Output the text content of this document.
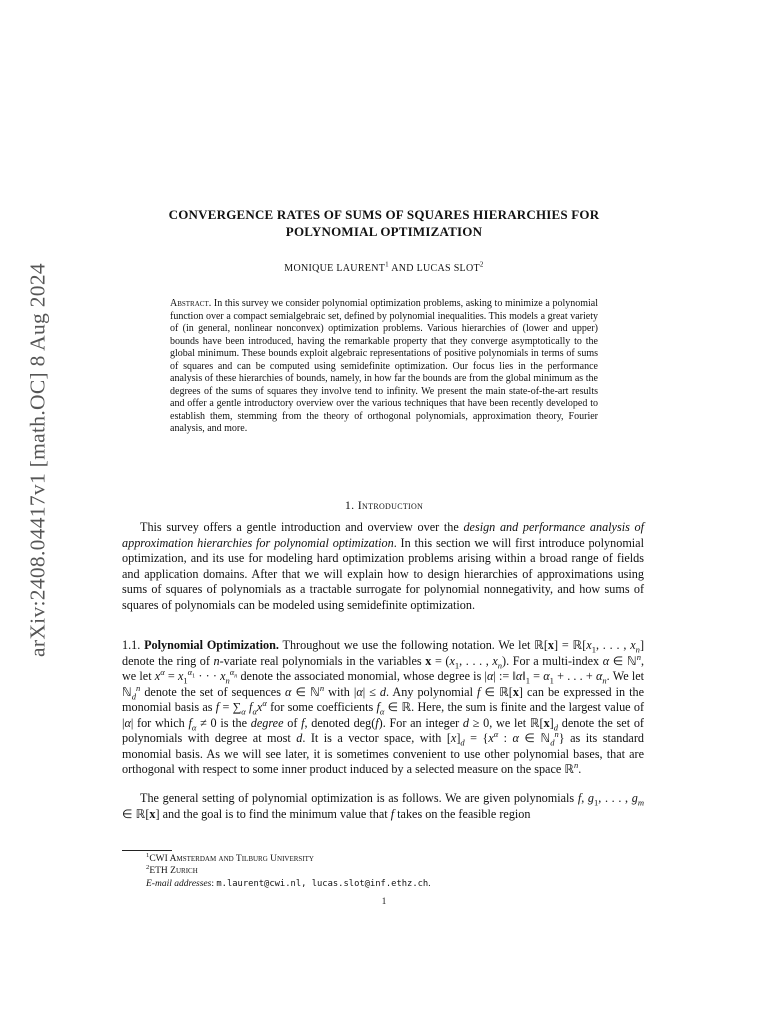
arXiv:2408.04417v1 [math.OC] 8 Aug 2024
CONVERGENCE RATES OF SUMS OF SQUARES HIERARCHIES FOR POLYNOMIAL OPTIMIZATION
MONIQUE LAURENT$^1$ AND LUCAS SLOT$^2$
Abstract. In this survey we consider polynomial optimization problems, asking to minimize a polynomial function over a compact semialgebraic set, defined by polynomial inequalities. This models a great variety of (in general, nonlinear nonconvex) optimization problems. Various hierarchies of (lower and upper) bounds have been introduced, having the remarkable property that they converge asymptotically to the global minimum. These bounds exploit algebraic representations of positive polynomials in terms of sums of squares and can be computed using semidefinite optimization. Our focus lies in the performance analysis of these hierarchies of bounds, namely, in how far the bounds are from the global minimum as the degrees of the sums of squares they involve tend to infinity. We present the main state-of-the-art results and offer a gentle introductory overview over the various techniques that have been recently developed to establish them, stemming from the theory of orthogonal polynomials, approximation theory, Fourier analysis, and more.
1. Introduction

This survey offers a gentle introduction and overview over the design and performance analysis of approximation hierarchies for polynomial optimization. In this section we will first introduce polynomial optimization, and its use for modeling hard optimization problems arising within a broad range of fields and application domains. After that we will explain how to design hierarchies of approximations using sums of squares of polynomials as a tractable surrogate for polynomial nonnegativity, and how sums of squares of polynomials can be modeled using semidefinite optimization.

1.1. Polynomial Optimization. Throughout we use the following notation. We let ℝ[x] = $ℝ[x_1$, . . . , $x_n$] denote the ring of n-variate real polynomials in the variables $x = (x_1$, . . . , $x_n$). For a multi-index α ∈ ℕ$^n$, we let $x^\alpha = x_1^{\alpha_1}$ · · · $x_n^{\alpha_n}$ denote the associated monomial, whose degree is |α| := $‖\alpha‖_1 = \alpha_1$ + . . . + $\alpha_n$. We let ℕ$_d^n$ denote the set of sequences α ∈ ℕ$^n$ with |α| ≤ d. Any polynomial f ∈ ℝ[x] can be expressed in the monomial basis as $f = \sum_\alpha$ $f_\alpha x^\alpha$ for some coefficients $f_\alpha$ ∈ ℝ. Here, the sum is finite and the largest value of |α| for which $f_\alpha \ne 0$ is the degree of f, denoted deg(f). For an integer d ≥ 0, we let $ℝ[x]_d$ denote the set of polynomials with degree at most d. It is a vector space, with $[x]_d = \{x^\alpha$ : α ∈ ℕ$_d^n$} as its standard monomial basis. As we will see later, it is sometimes convenient to use other polynomial bases, that are orthogonal with respect to some inner product induced by a selected measure on the space ℝ$^n$.

The general setting of polynomial optimization is as follows. We are given polynomials f, $g_1$, . . . , $g_m$ ∈ ℝ[x] and the goal is to find the minimum value that f takes on the feasible region

$^1$CWI Amsterdam and Tilburg University
$^2$ETH Zurich
E-mail addresses: m.laurent@cwi.nl, lucas.slot@inf.ethz.ch.
1
